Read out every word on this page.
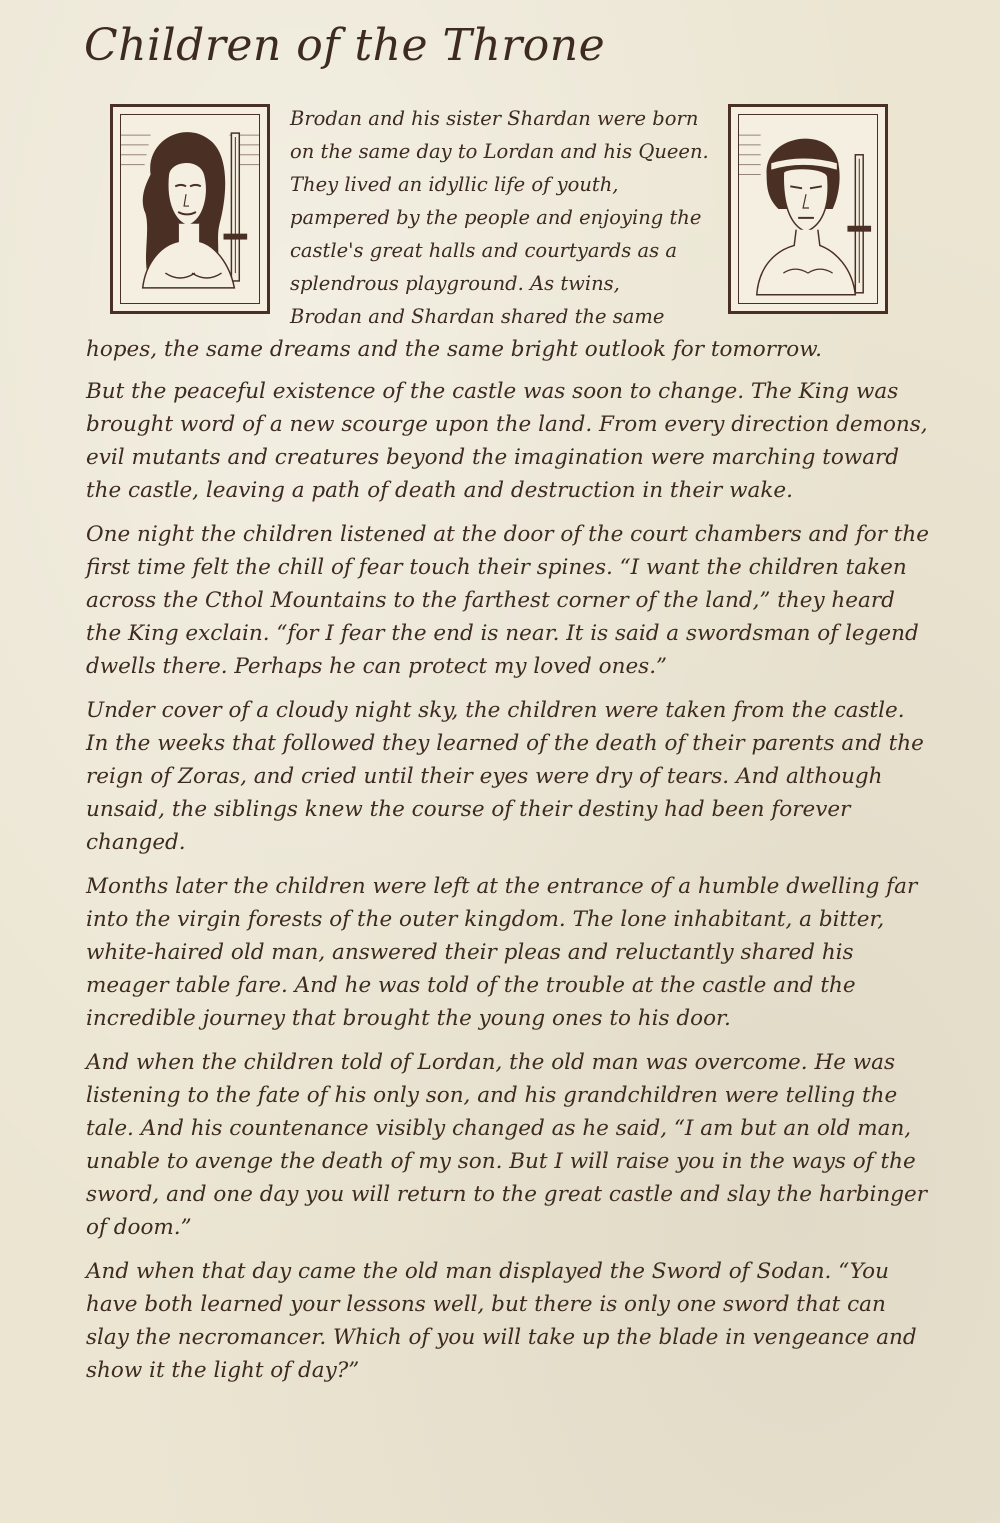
Children of the Throne
Brodan and his sister Shardan were born
on the same day to Lordan and his Queen.
They lived an idyllic life of youth,
pampered by the people and enjoying the
castle's great halls and courtyards as a
splendrous playground. As twins,
Brodan and Shardan shared the same

hopes, the same dreams and the same bright outlook for tomorrow.

But the peaceful existence of the castle was soon to change. The King was brought word of a new scourge upon the land. From every direction demons, evil mutants and creatures beyond the imagination were marching toward the castle, leaving a path of death and destruction in their wake.

One night the children listened at the door of the court chambers and for the first time felt the chill of fear touch their spines. “I want the children taken across the Cthol Mountains to the farthest corner of the land,” they heard the King exclain. “for I fear the end is near. It is said a swordsman of legend dwells there. Perhaps he can protect my loved ones.”

Under cover of a cloudy night sky, the children were taken from the castle. In the weeks that followed they learned of the death of their parents and the reign of Zoras, and cried until their eyes were dry of tears. And although unsaid, the siblings knew the course of their destiny had been forever changed.

Months later the children were left at the entrance of a humble dwelling far into the virgin forests of the outer kingdom. The lone inhabitant, a bitter, white-haired old man, answered their pleas and reluctantly shared his meager table fare. And he was told of the trouble at the castle and the incredible journey that brought the young ones to his door.

And when the children told of Lordan, the old man was overcome. He was listening to the fate of his only son, and his grandchildren were telling the tale. And his countenance visibly changed as he said, “I am but an old man, unable to avenge the death of my son. But I will raise you in the ways of the sword, and one day you will return to the great castle and slay the harbinger of doom.”

And when that day came the old man displayed the Sword of Sodan. “You have both learned your lessons well, but there is only one sword that can slay the necromancer. Which of you will take up the blade in vengeance and show it the light of day?”
